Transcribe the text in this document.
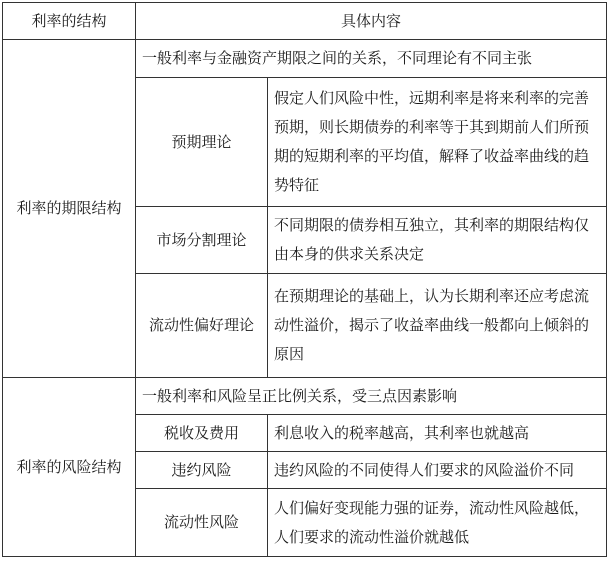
利率的结构	具体内容	
利率的期限结构	一般利率与金融资产期限之间的关系，不同理论有不同主张	
	预期理论	假定人们风险中性，远期利率是将来利率的完善预期，则长期债券的利率等于其到期前人们所预期的短期利率的平均值，解释了收益率曲线的趋势特征
	市场分割理论	不同期限的债券相互独立，其利率的期限结构仅由本身的供求关系决定
	流动性偏好理论	在预期理论的基础上，认为长期利率还应考虑流动性溢价，揭示了收益率曲线一般都向上倾斜的原因
利率的风险结构	一般利率和风险呈正比例关系，受三点因素影响	
	税收及费用	利息收入的税率越高，其利率也就越高
	违约风险	违约风险的不同使得人们要求的风险溢价不同
	流动性风险	人们偏好变现能力强的证券，流动性风险越低，人们要求的流动性溢价就越低
